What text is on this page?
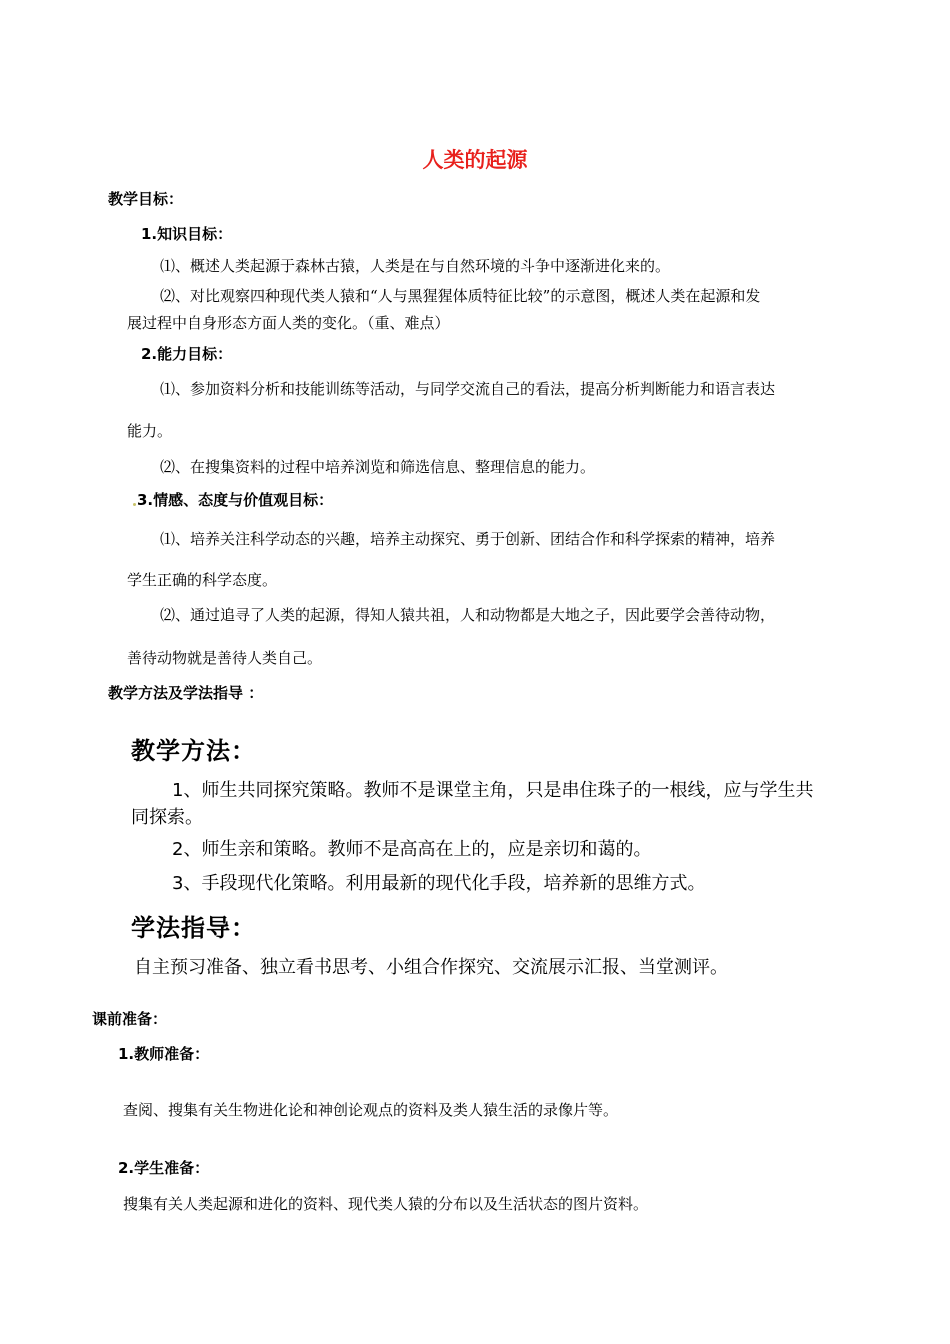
人类的起源
教学目标：
1.知识目标：
⑴、概述人类起源于森林古猿，人类是在与自然环境的斗争中逐渐进化来的。
⑵、对比观察四种现代类人猿和“人与黑猩猩体质特征比较”的示意图，概述人类在起源和发
展过程中自身形态方面人类的变化。（重、难点）
2.能力目标：
⑴、参加资料分析和技能训练等活动，与同学交流自己的看法，提高分析判断能力和语言表达
能力。
⑵、在搜集资料的过程中培养浏览和筛选信息、整理信息的能力。
3.情感、态度与价值观目标：
⑴、培养关注科学动态的兴趣，培养主动探究、勇于创新、团结合作和科学探索的精神，培养
学生正确的科学态度。
⑵、通过追寻了人类的起源，得知人猿共祖，人和动物都是大地之子，因此要学会善待动物，
善待动物就是善待人类自己。
教学方法及学法指导 ：
教学方法：
1、师生共同探究策略。教师不是课堂主角，只是串住珠子的一根线，应与学生共
同探索。
2、师生亲和策略。教师不是高高在上的，应是亲切和蔼的。
3、手段现代化策略。利用最新的现代化手段，培养新的思维方式。
学法指导：
自主预习准备、独立看书思考、小组合作探究、交流展示汇报、当堂测评。
课前准备：
1.教师准备：
查阅、搜集有关生物进化论和神创论观点的资料及类人猿生活的录像片等。
2.学生准备：
搜集有关人类起源和进化的资料、现代类人猿的分布以及生活状态的图片资料。
